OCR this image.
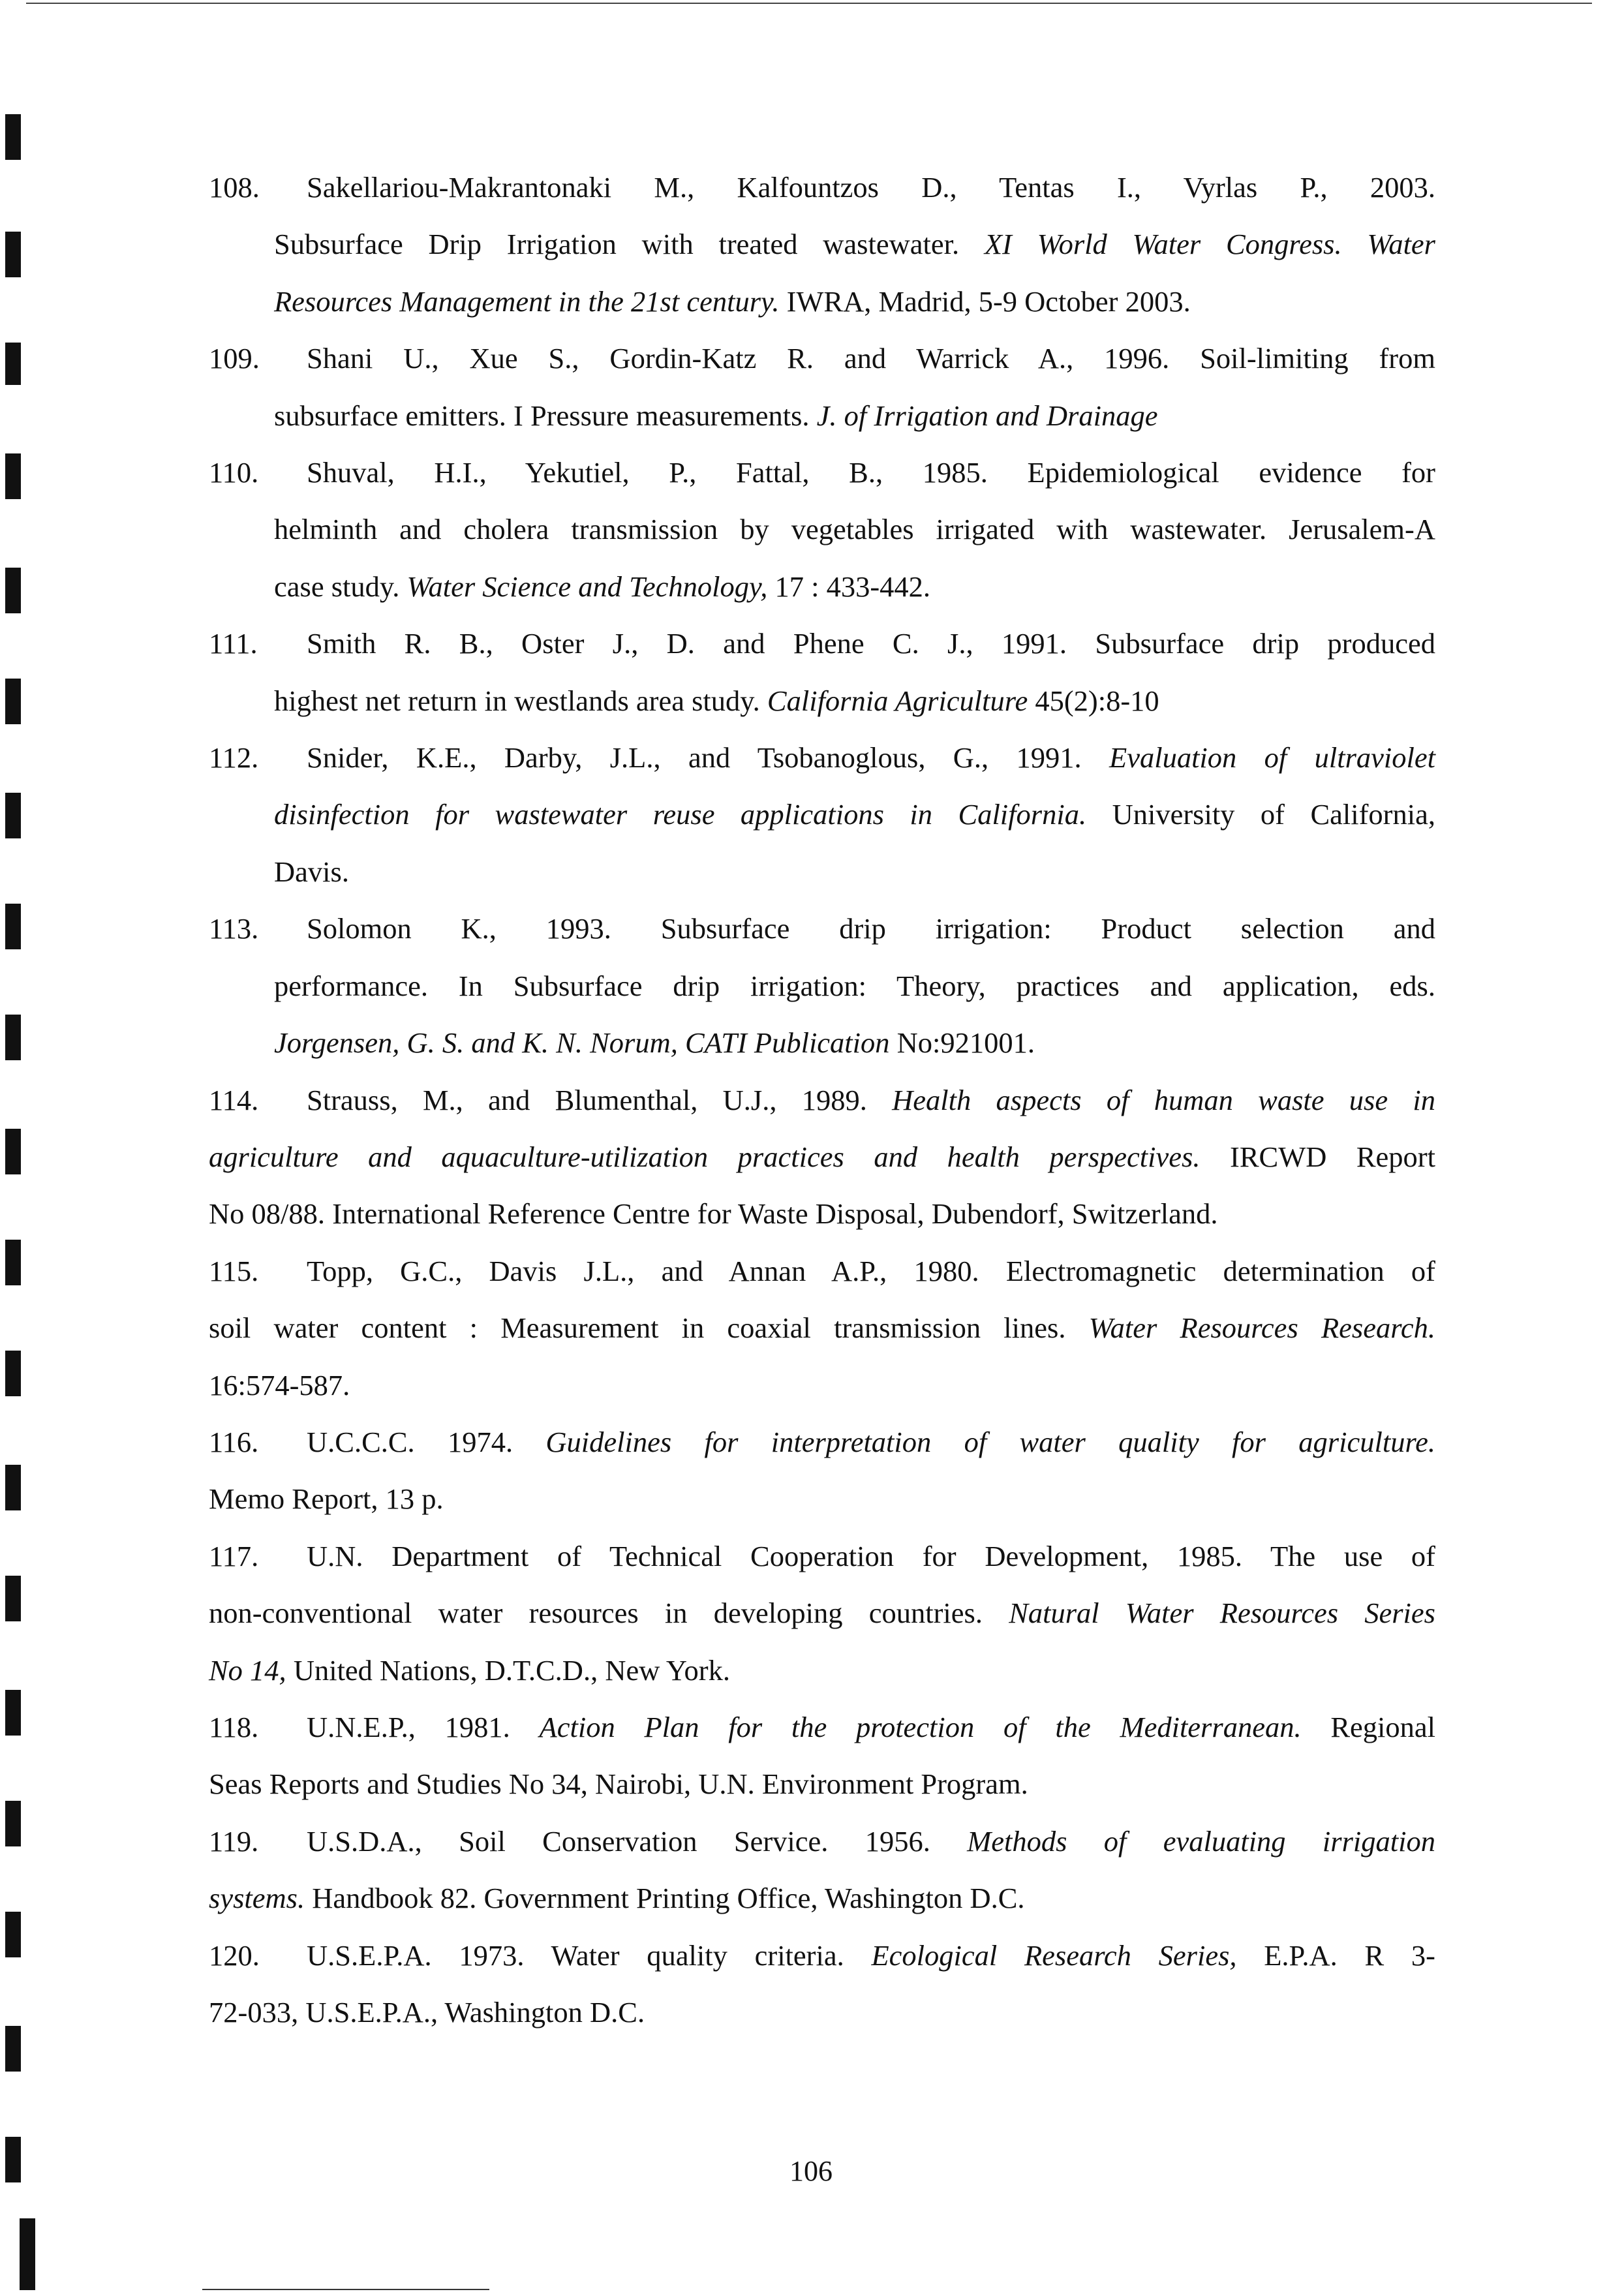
108. Sakellariou-Makrantonaki M., Kalfountzos D., Tentas I., Vyrlas P., 2003.
Subsurface Drip Irrigation with treated wastewater. XI World Water Congress. Water
Resources Management in the 21st century. IWRA, Madrid, 5-9 October 2003.
109. Shani U., Xue S., Gordin-Katz R. and Warrick A., 1996. Soil-limiting from
subsurface emitters. I Pressure measurements. J. of Irrigation and Drainage
110. Shuval, H.I., Yekutiel, P., Fattal, B., 1985. Epidemiological evidence for
helminth and cholera transmission by vegetables irrigated with wastewater. Jerusalem-A
case study. Water Science and Technology, 17 : 433-442.
111. Smith R. B., Oster J., D. and Phene C. J., 1991. Subsurface drip produced
highest net return in westlands area study. California Agriculture 45(2):8-10
112. Snider, K.E., Darby, J.L., and Tsobanoglous, G., 1991. Evaluation of ultraviolet
disinfection for wastewater reuse applications in California. University of California,
Davis.
113. Solomon K., 1993. Subsurface drip irrigation: Product selection and
performance. In Subsurface drip irrigation: Theory, practices and application, eds.
Jorgensen, G. S. and K. N. Norum, CATI Publication No:921001.
114. Strauss, M., and Blumenthal, U.J., 1989. Health aspects of human waste use in
agriculture and aquaculture-utilization practices and health perspectives. IRCWD Report
No 08/88. International Reference Centre for Waste Disposal, Dubendorf, Switzerland.
115. Topp, G.C., Davis J.L., and Annan A.P., 1980. Electromagnetic determination of
soil water content : Measurement in coaxial transmission lines. Water Resources Research.
16:574-587.
116. U.C.C.C. 1974. Guidelines for interpretation of water quality for agriculture.
Memo Report, 13 p.
117. U.N. Department of Technical Cooperation for Development, 1985. The use of
non-conventional water resources in developing countries. Natural Water Resources Series
No 14, United Nations, D.T.C.D., New York.
118. U.N.E.P., 1981. Action Plan for the protection of the Mediterranean. Regional
Seas Reports and Studies No 34, Nairobi, U.N. Environment Program.
119. U.S.D.A., Soil Conservation Service. 1956. Methods of evaluating irrigation
systems. Handbook 82. Government Printing Office, Washington D.C.
120. U.S.E.P.A. 1973. Water quality criteria. Ecological Research Series, E.P.A. R 3-
72-033, U.S.E.P.A., Washington D.C.
106
